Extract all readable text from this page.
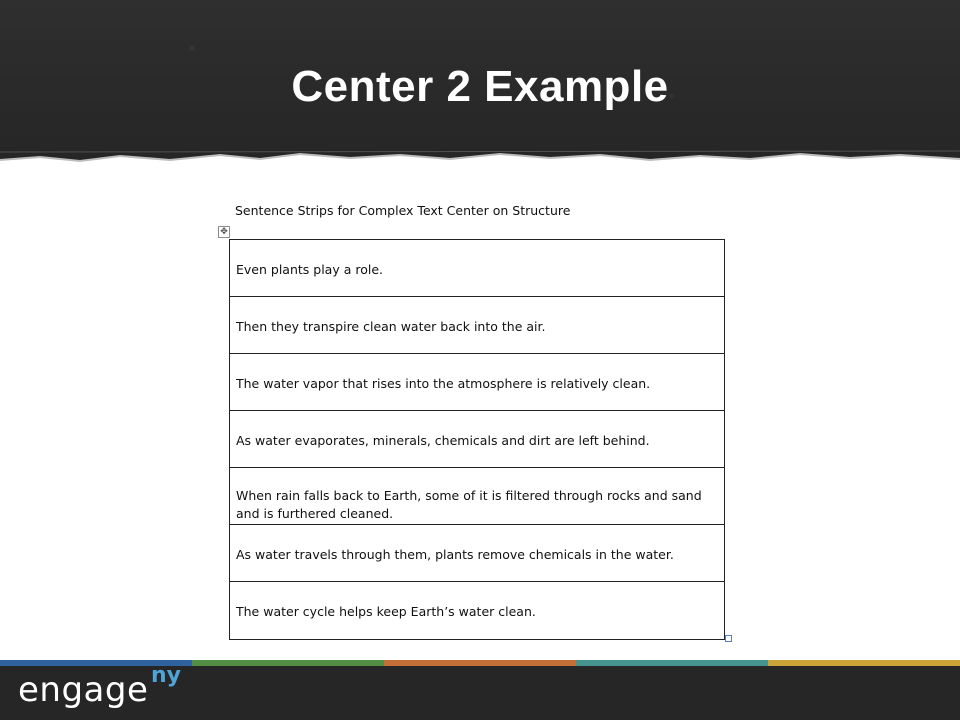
Center 2 Example
Sentence Strips for Complex Text Center on Structure
✥
Even plants play a role.
Then they transpire clean water back into the air.
The water vapor that rises into the atmosphere is relatively clean.
As water evaporates, minerals, chemicals and dirt are left behind.
When rain falls back to Earth, some of it is filtered through rocks and sand and is furthered cleaned.
As water travels through them, plants remove chemicals in the water.
The water cycle helps keep Earth’s water clean.
engage ny
